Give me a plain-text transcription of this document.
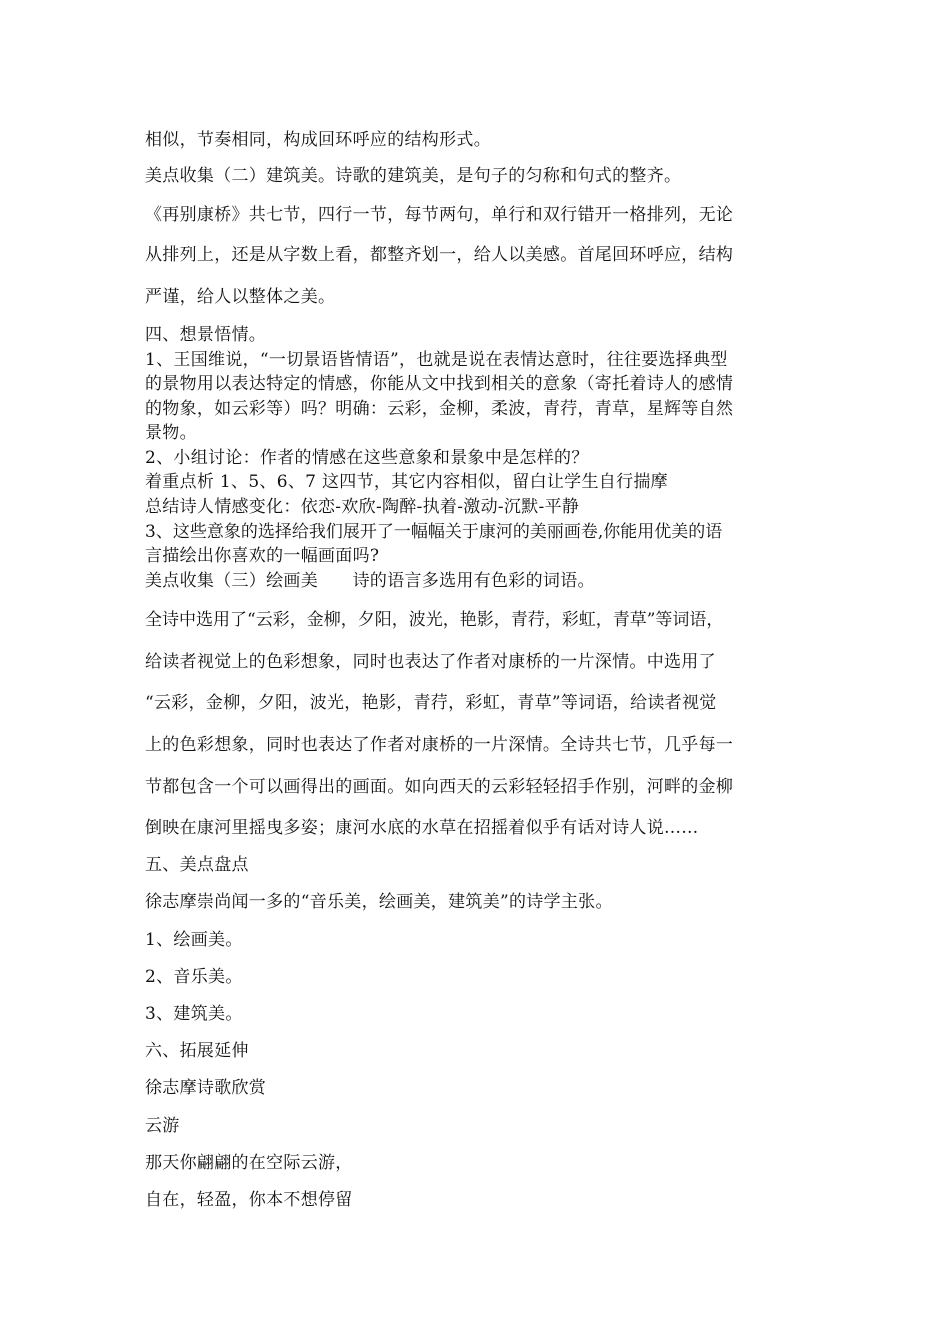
相似，节奏相同，构成回环呼应的结构形式。
美点收集（二）建筑美。诗歌的建筑美，是句子的匀称和句式的整齐。
《再别康桥》共七节，四行一节，每节两句，单行和双行错开一格排列，无论
从排列上，还是从字数上看，都整齐划一，给人以美感。首尾回环呼应，结构
严谨，给人以整体之美。
四、想景悟情。
1、王国维说，“一切景语皆情语”，也就是说在表情达意时，往往要选择典型
的景物用以表达特定的情感，你能从文中找到相关的意象（寄托着诗人的感情
的物象，如云彩等）吗？明确：云彩，金柳，柔波，青荇，青草，星辉等自然
景物。
2、小组讨论：作者的情感在这些意象和景象中是怎样的？
着重点析 1、5、6、7 这四节，其它内容相似，留白让学生自行揣摩
总结诗人情感变化：依恋-欢欣-陶醉-执着-激动-沉默-平静
3、这些意象的选择给我们展开了一幅幅关于康河的美丽画卷,你能用优美的语
言描绘出你喜欢的一幅画面吗?
美点收集（三）绘画美　　诗的语言多选用有色彩的词语。
全诗中选用了“云彩，金柳，夕阳，波光，艳影，青荇，彩虹，青草”等词语，
给读者视觉上的色彩想象，同时也表达了作者对康桥的一片深情。中选用了
“云彩，金柳，夕阳，波光，艳影，青荇，彩虹，青草”等词语，给读者视觉
上的色彩想象，同时也表达了作者对康桥的一片深情。全诗共七节，几乎每一
节都包含一个可以画得出的画面。如向西天的云彩轻轻招手作别，河畔的金柳
倒映在康河里摇曳多姿；康河水底的水草在招摇着似乎有话对诗人说……
五、美点盘点
徐志摩崇尚闻一多的“音乐美，绘画美，建筑美”的诗学主张。
1、绘画美。
2、音乐美。
3、建筑美。
六、拓展延伸
徐志摩诗歌欣赏
云游
那天你翩翩的在空际云游，
自在，轻盈，你本不想停留
